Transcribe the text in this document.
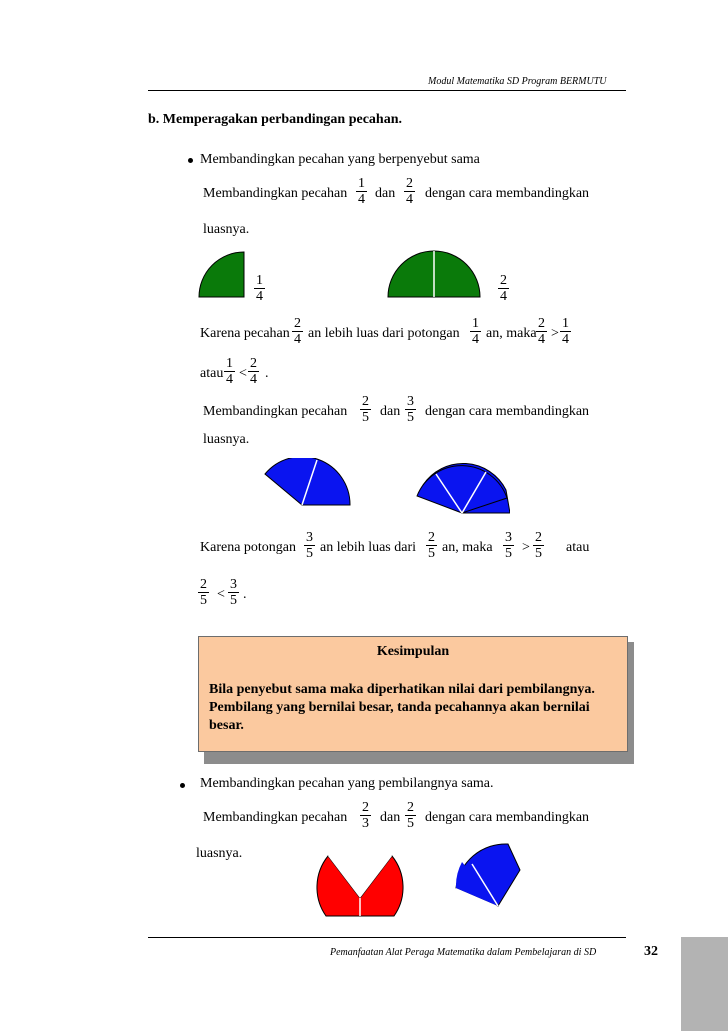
Modul Matematika SD Program BERMUTU
b. Memperagakan perbandingan pecahan.
Membandingkan pecahan yang berpenyebut sama
Membandingkan pecahan $\frac{1}{4}$ dan $\frac{2}{4}$ dengan cara membandingkan
luasnya.
$\frac{1}{4}$	$\frac{2}{4}$
Karena pecahan $\frac{2}{4}$ an lebih luas dari potongan $\frac{1}{4}$ an, maka $\frac{2}{4} > \frac{1}{4}$
atau $\frac{1}{4} < \frac{2}{4}$ .
Membandingkan pecahan $\frac{2}{5}$ dan $\frac{3}{5}$ dengan cara membandingkan
luasnya.
Karena potongan $\frac{3}{5}$ an lebih luas dari $\frac{2}{5}$ an, maka $\frac{3}{5} > \frac{2}{5}$ atau
$\frac{2}{5} < \frac{3}{5}$ .
Kesimpulan
Bila penyebut sama maka diperhatikan nilai dari pembilangnya.
Pembilang yang bernilai besar, tanda pecahannya akan bernilai
besar.
Membandingkan pecahan yang pembilangnya sama.
Membandingkan pecahan $\frac{2}{3}$ dan $\frac{2}{5}$ dengan cara membandingkan
luasnya.
Pemanfaatan Alat Peraga Matematika dalam Pembelajaran di SD	32
